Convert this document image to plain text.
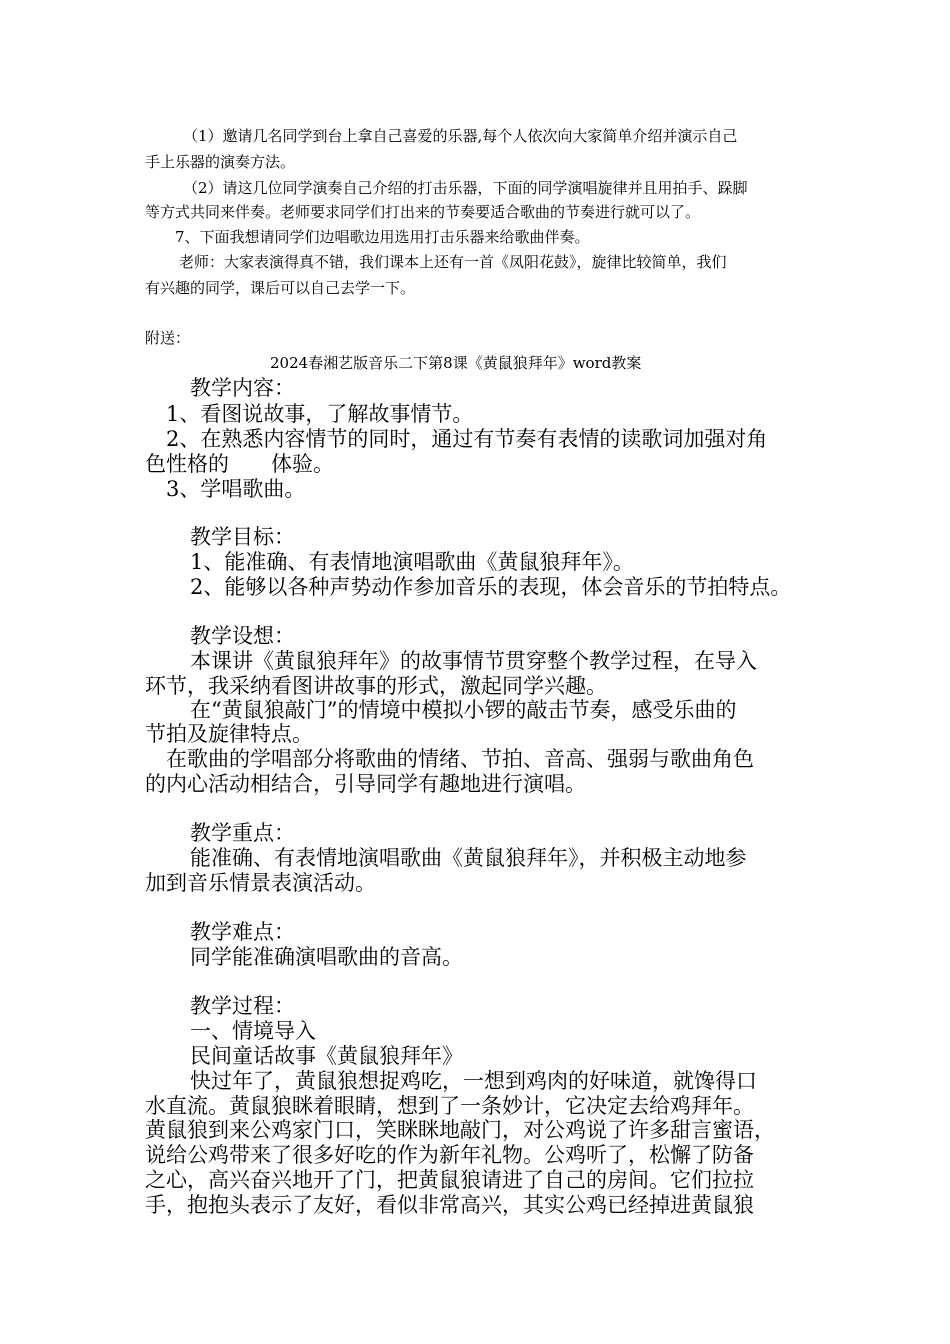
（1）邀请几名同学到台上拿自己喜爱的乐器,每个人依次向大家简单介绍并演示自己

手上乐器的演奏方法。

（2）请这几位同学演奏自己介绍的打击乐器，下面的同学演唱旋律并且用拍手、跺脚

等方式共同来伴奏。老师要求同学们打出来的节奏要适合歌曲的节奏进行就可以了。

7、下面我想请同学们边唱歌边用选用打击乐器来给歌曲伴奏。

老师：大家表演得真不错，我们课本上还有一首《凤阳花鼓》，旋律比较简单，我们

有兴趣的同学，课后可以自己去学一下。

附送：

2024春湘艺版音乐二下第8课《黄鼠狼拜年》word教案

教学内容：

1、看图说故事，了解故事情节。

2、在熟悉内容情节的同时，通过有节奏有表情的读歌词加强对角

色性格的　　体验。

3、学唱歌曲。

教学目标：

1、能准确、有表情地演唱歌曲《黄鼠狼拜年》。

2、能够以各种声势动作参加音乐的表现，体会音乐的节拍特点。

教学设想：

本课讲《黄鼠狼拜年》的故事情节贯穿整个教学过程，在导入

环节，我采纳看图讲故事的形式，激起同学兴趣。

在“黄鼠狼敲门”的情境中模拟小锣的敲击节奏，感受乐曲的

节拍及旋律特点。

在歌曲的学唱部分将歌曲的情绪、节拍、音高、强弱与歌曲角色

的内心活动相结合，引导同学有趣地进行演唱。

教学重点：

能准确、有表情地演唱歌曲《黄鼠狼拜年》，并积极主动地参

加到音乐情景表演活动。

教学难点：

同学能准确演唱歌曲的音高。

教学过程：

一、情境导入

民间童话故事《黄鼠狼拜年》

快过年了，黄鼠狼想捉鸡吃，一想到鸡肉的好味道，就馋得口

水直流。黄鼠狼眯着眼睛，想到了一条妙计，它决定去给鸡拜年。

黄鼠狼到来公鸡家门口，笑眯眯地敲门，对公鸡说了许多甜言蜜语，

说给公鸡带来了很多好吃的作为新年礼物。公鸡听了，松懈了防备

之心，高兴奋兴地开了门，把黄鼠狼请进了自己的房间。它们拉拉

手，抱抱头表示了友好，看似非常高兴，其实公鸡已经掉进黄鼠狼
